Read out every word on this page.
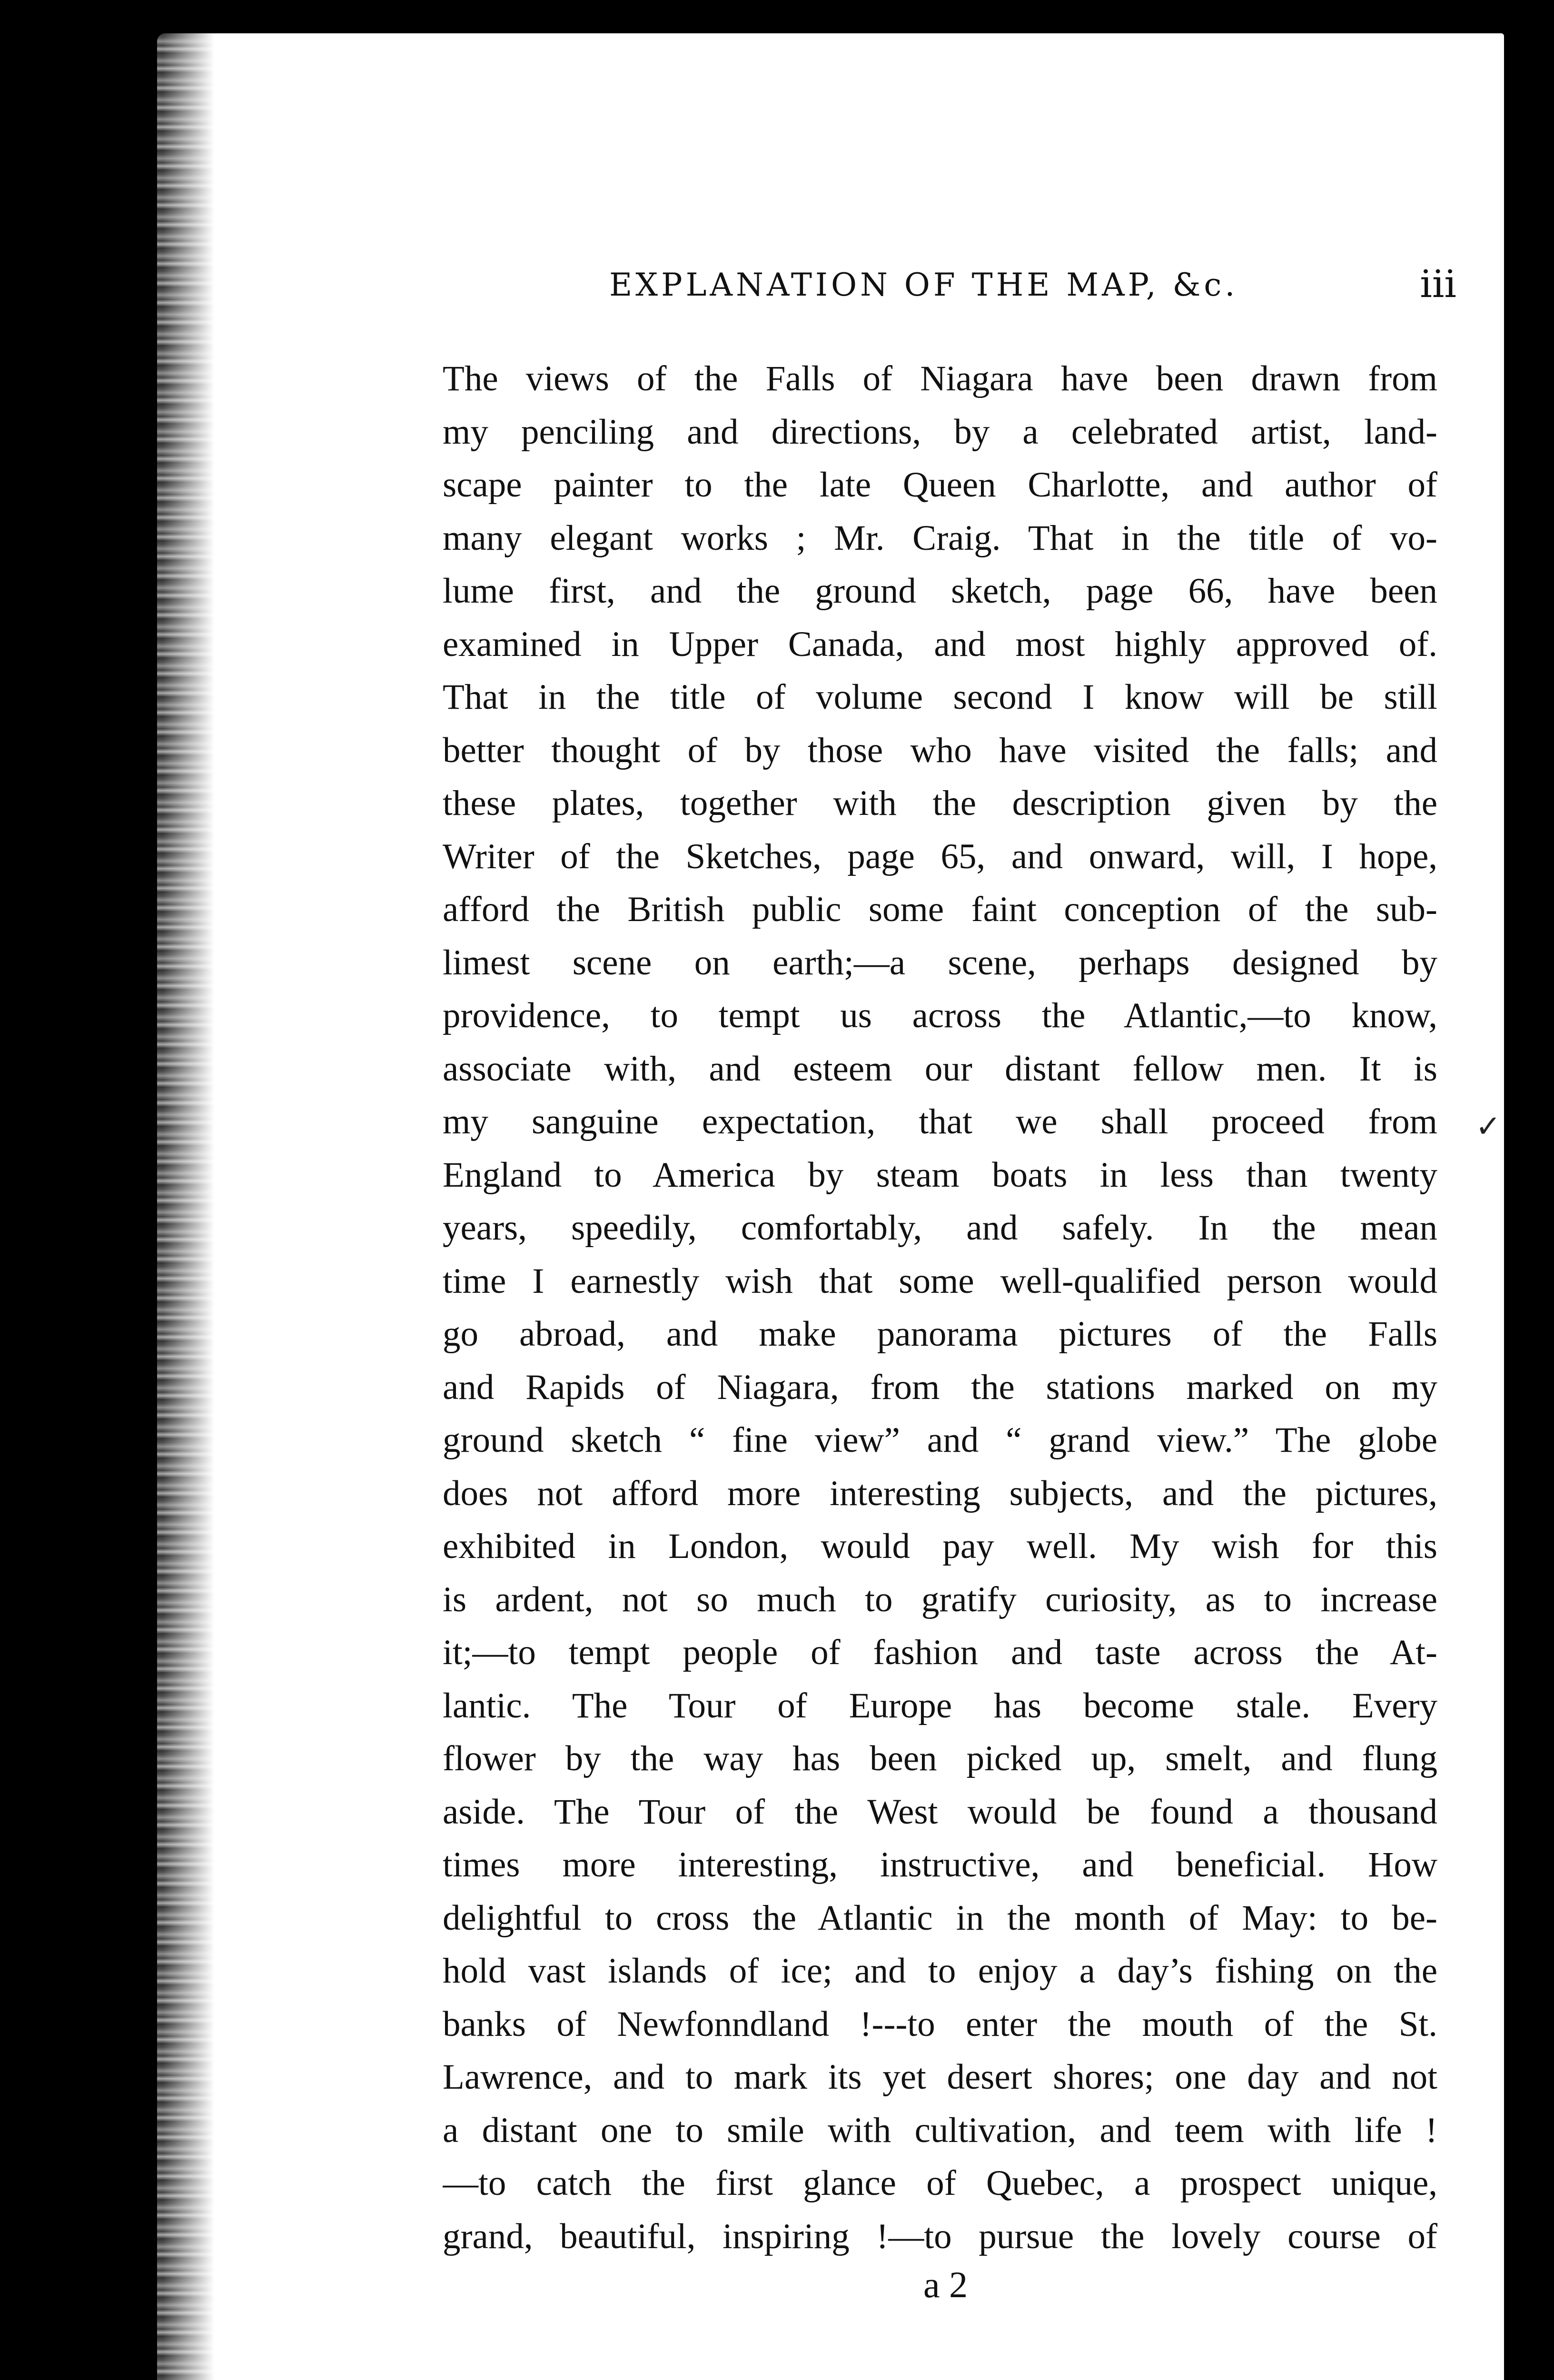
EXPLANATION OF THE MAP, &c.	iii
The views of the Falls of Niagara have been drawn from
my penciling and directions, by a celebrated artist, land-
scape painter to the late Queen Charlotte, and author of
many elegant works ; Mr. Craig. That in the title of vo-
lume first, and the ground sketch, page 66, have been
examined in Upper Canada, and most highly approved of.
That in the title of volume second I know will be still
better thought of by those who have visited the falls; and
these plates, together with the description given by the
Writer of the Sketches, page 65, and onward, will, I hope,
afford the British public some faint conception of the sub-
limest scene on earth;—a scene, perhaps designed by
providence, to tempt us across the Atlantic,—to know,
associate with, and esteem our distant fellow men. It is
my sanguine expectation, that we shall proceed from
England to America by steam boats in less than twenty
years, speedily, comfortably, and safely. In the mean
time I earnestly wish that some well-qualified person would
go abroad, and make panorama pictures of the Falls
and Rapids of Niagara, from the stations marked on my
ground sketch “ fine view” and “ grand view.” The globe
does not afford more interesting subjects, and the pictures,
exhibited in London, would pay well. My wish for this
is ardent, not so much to gratify curiosity, as to increase
it;—to tempt people of fashion and taste across the At-
lantic. The Tour of Europe has become stale. Every
flower by the way has been picked up, smelt, and flung
aside. The Tour of the West would be found a thousand
times more interesting, instructive, and beneficial. How
delightful to cross the Atlantic in the month of May: to be-
hold vast islands of ice; and to enjoy a day’s fishing on the
banks of Newfonndland !---to enter the mouth of the St.
Lawrence, and to mark its yet desert shores; one day and not
a distant one to smile with cultivation, and teem with life !
—to catch the first glance of Quebec, a prospect unique,
grand, beautiful, inspiring !—to pursue the lovely course of
a 2
✓
